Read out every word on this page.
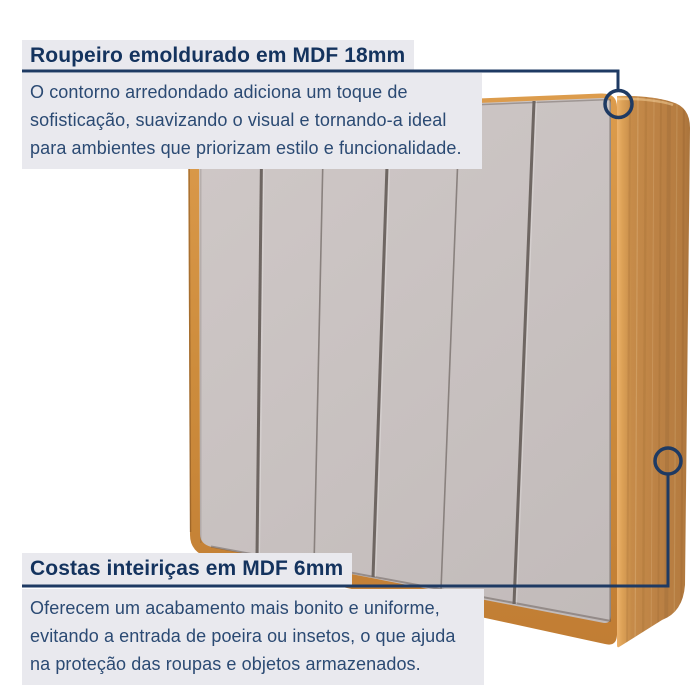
Roupeiro emoldurado em MDF 18mm
O contorno arredondado adiciona um toque de
sofisticação, suavizando o visual e tornando-a ideal
para ambientes que priorizam estilo e funcionalidade.
Costas inteiriças em MDF 6mm
Oferecem um acabamento mais bonito e uniforme,
evitando a entrada de poeira ou insetos, o que ajuda
na proteção das roupas e objetos armazenados.
